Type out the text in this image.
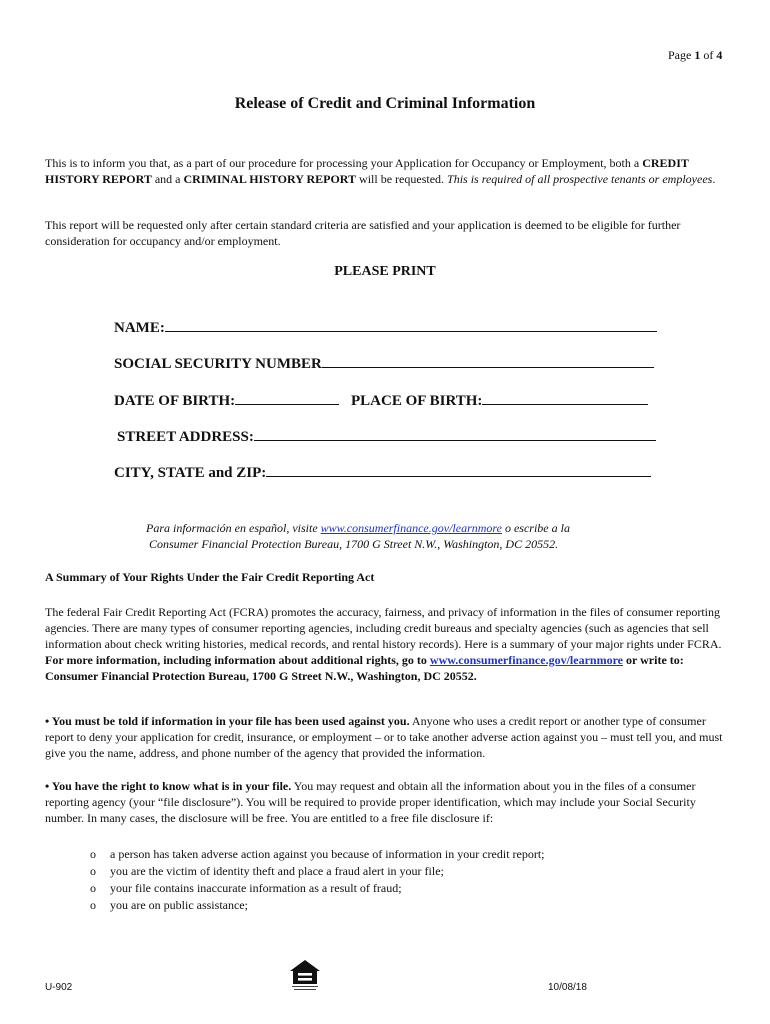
Page 1 of 4
Release of Credit and Criminal Information
This is to inform you that, as a part of our procedure for processing your Application for Occupancy or Employment, both a CREDIT HISTORY REPORT and a CRIMINAL HISTORY REPORT will be requested. This is required of all prospective tenants or employees.
This report will be requested only after certain standard criteria are satisfied and your application is deemed to be eligible for further consideration for occupancy and/or employment.
PLEASE PRINT
NAME:
SOCIAL SECURITY NUMBER
DATE OF BIRTH:	PLACE OF BIRTH:
STREET ADDRESS:
CITY, STATE and ZIP:
Para información en español, visite www.consumerfinance.gov/learnmore o escribe a la
Consumer Financial Protection Bureau, 1700 G Street N.W., Washington, DC 20552.
A Summary of Your Rights Under the Fair Credit Reporting Act
The federal Fair Credit Reporting Act (FCRA) promotes the accuracy, fairness, and privacy of information in the files of consumer reporting agencies. There are many types of consumer reporting agencies, including credit bureaus and specialty agencies (such as agencies that sell information about check writing histories, medical records, and rental history records). Here is a summary of your major rights under FCRA. For more information, including information about additional rights, go to www.consumerfinance.gov/learnmore or write to: Consumer Financial Protection Bureau, 1700 G Street N.W., Washington, DC 20552.
• You must be told if information in your file has been used against you. Anyone who uses a credit report or another type of consumer report to deny your application for credit, insurance, or employment – or to take another adverse action against you – must tell you, and must give you the name, address, and phone number of the agency that provided the information.
• You have the right to know what is in your file. You may request and obtain all the information about you in the files of a consumer reporting agency (your “file disclosure”). You will be required to provide proper identification, which may include your Social Security number. In many cases, the disclosure will be free. You are entitled to a free file disclosure if:
o a person has taken adverse action against you because of information in your credit report;
o you are the victim of identity theft and place a fraud alert in your file;
o your file contains inaccurate information as a result of fraud;
o you are on public assistance;
U-902	10/08/18
